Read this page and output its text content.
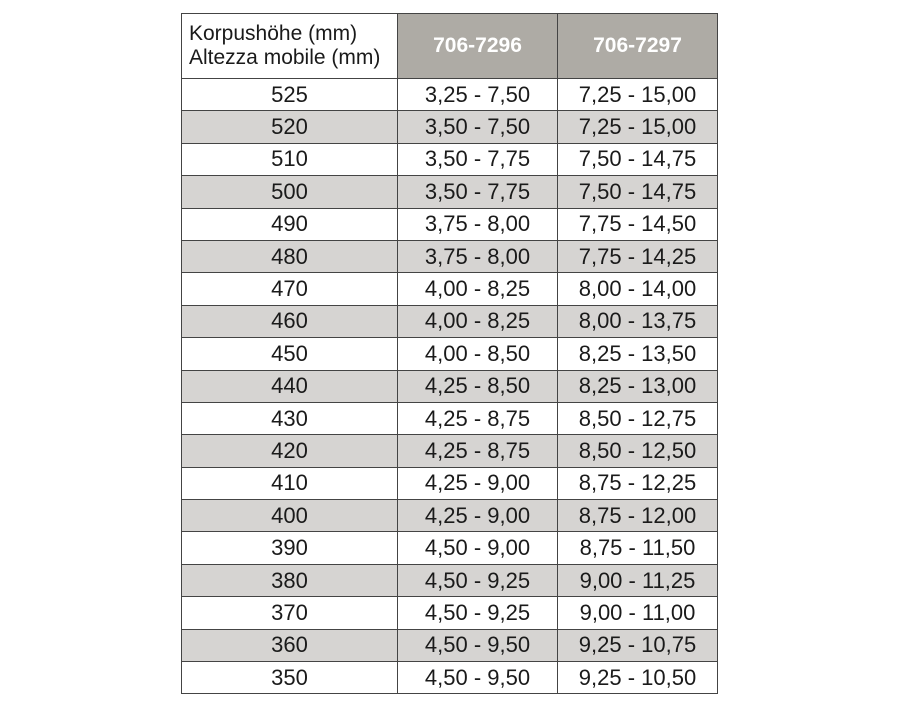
Korpushöhe (mm)
Altezza mobile (mm)	706-7296	706-7297
525	3,25 - 7,50	7,25 - 15,00
520	3,50 - 7,50	7,25 - 15,00
510	3,50 - 7,75	7,50 - 14,75
500	3,50 - 7,75	7,50 - 14,75
490	3,75 - 8,00	7,75 - 14,50
480	3,75 - 8,00	7,75 - 14,25
470	4,00 - 8,25	8,00 - 14,00
460	4,00 - 8,25	8,00 - 13,75
450	4,00 - 8,50	8,25 - 13,50
440	4,25 - 8,50	8,25 - 13,00
430	4,25 - 8,75	8,50 - 12,75
420	4,25 - 8,75	8,50 - 12,50
410	4,25 - 9,00	8,75 - 12,25
400	4,25 - 9,00	8,75 - 12,00
390	4,50 - 9,00	8,75 - 11,50
380	4,50 - 9,25	9,00 - 11,25
370	4,50 - 9,25	9,00 - 11,00
360	4,50 - 9,50	9,25 - 10,75
350	4,50 - 9,50	9,25 - 10,50
